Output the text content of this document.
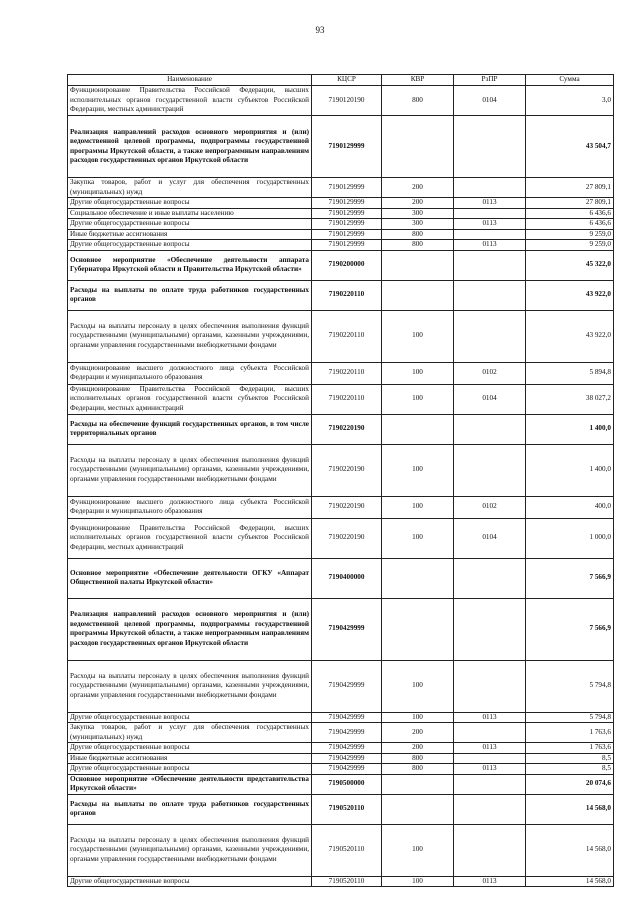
93
Наименование	КЦСР	КВР	РзПР	Сумма
Функционирование Правительства Российской Федерации, высших исполнительных органов государственной власти субъектов Российской Федерации, местных администраций	7190120190	800	0104	3,0
Реализация направлений расходов основного мероприятия и (или) ведомственной целевой программы, подпрограммы государственной программы Иркутской области, а также непрограммным направлениям расходов государственных органов Иркутской области	7190129999			43 504,7
Закупка товаров, работ и услуг для обеспечения государственных (муниципальных) нужд	7190129999	200		27 809,1
Другие общегосударственные вопросы	7190129999	200	0113	27 809,1
Социальное обеспечение и иные выплаты населению	7190129999	300		6 436,6
Другие общегосударственные вопросы	7190129999	300	0113	6 436,6
Иные бюджетные ассигнования	7190129999	800		9 259,0
Другие общегосударственные вопросы	7190129999	800	0113	9 259,0
Основное мероприятие «Обеспечение деятельности аппарата Губернатора Иркутской области и Правительства Иркутской области»	7190200000			45 322,0
Расходы на выплаты по оплате труда работников государственных органов	7190220110			43 922,0
Расходы на выплаты персоналу в целях обеспечения выполнения функций государственными (муниципальными) органами, казенными учреждениями, органами управления государственными внебюджетными фондами	7190220110	100		43 922,0
Функционирование высшего должностного лица субъекта Российской Федерации и муниципального образования	7190220110	100	0102	5 894,8
Функционирование Правительства Российской Федерации, высших исполнительных органов государственной власти субъектов Российской Федерации, местных администраций	7190220110	100	0104	38 027,2
Расходы на обеспечение функций государственных органов, в том числе территориальных органов	7190220190			1 400,0
Расходы на выплаты персоналу в целях обеспечения выполнения функций государственными (муниципальными) органами, казенными учреждениями, органами управления государственными внебюджетными фондами	7190220190	100		1 400,0
Функционирование высшего должностного лица субъекта Российской Федерации и муниципального образования	7190220190	100	0102	400,0
Функционирование Правительства Российской Федерации, высших исполнительных органов государственной власти субъектов Российской Федерации, местных администраций	7190220190	100	0104	1 000,0
Основное мероприятие «Обеспечение деятельности ОГКУ «Аппарат Общественной палаты Иркутской области»	7190400000			7 566,9
Реализация направлений расходов основного мероприятия и (или) ведомственной целевой программы, подпрограммы государственной программы Иркутской области, а также непрограммным направлениям расходов государственных органов Иркутской области	7190429999			7 566,9
Расходы на выплаты персоналу в целях обеспечения выполнения функций государственными (муниципальными) органами, казенными учреждениями, органами управления государственными внебюджетными фондами	7190429999	100		5 794,8
Другие общегосударственные вопросы	7190429999	100	0113	5 794,8
Закупка товаров, работ и услуг для обеспечения государственных (муниципальных) нужд	7190429999	200		1 763,6
Другие общегосударственные вопросы	7190429999	200	0113	1 763,6
Иные бюджетные ассигнования	7190429999	800		8,5
Другие общегосударственные вопросы	7190429999	800	0113	8,5
Основное мероприятие «Обеспечение деятельности представительства Иркутской области»	7190500000			20 074,6
Расходы на выплаты по оплате труда работников государственных органов	7190520110			14 568,0
Расходы на выплаты персоналу в целях обеспечения выполнения функций государственными (муниципальными) органами, казенными учреждениями, органами управления государственными внебюджетными фондами	7190520110	100		14 568,0
Другие общегосударственные вопросы	7190520110	100	0113	14 568,0
